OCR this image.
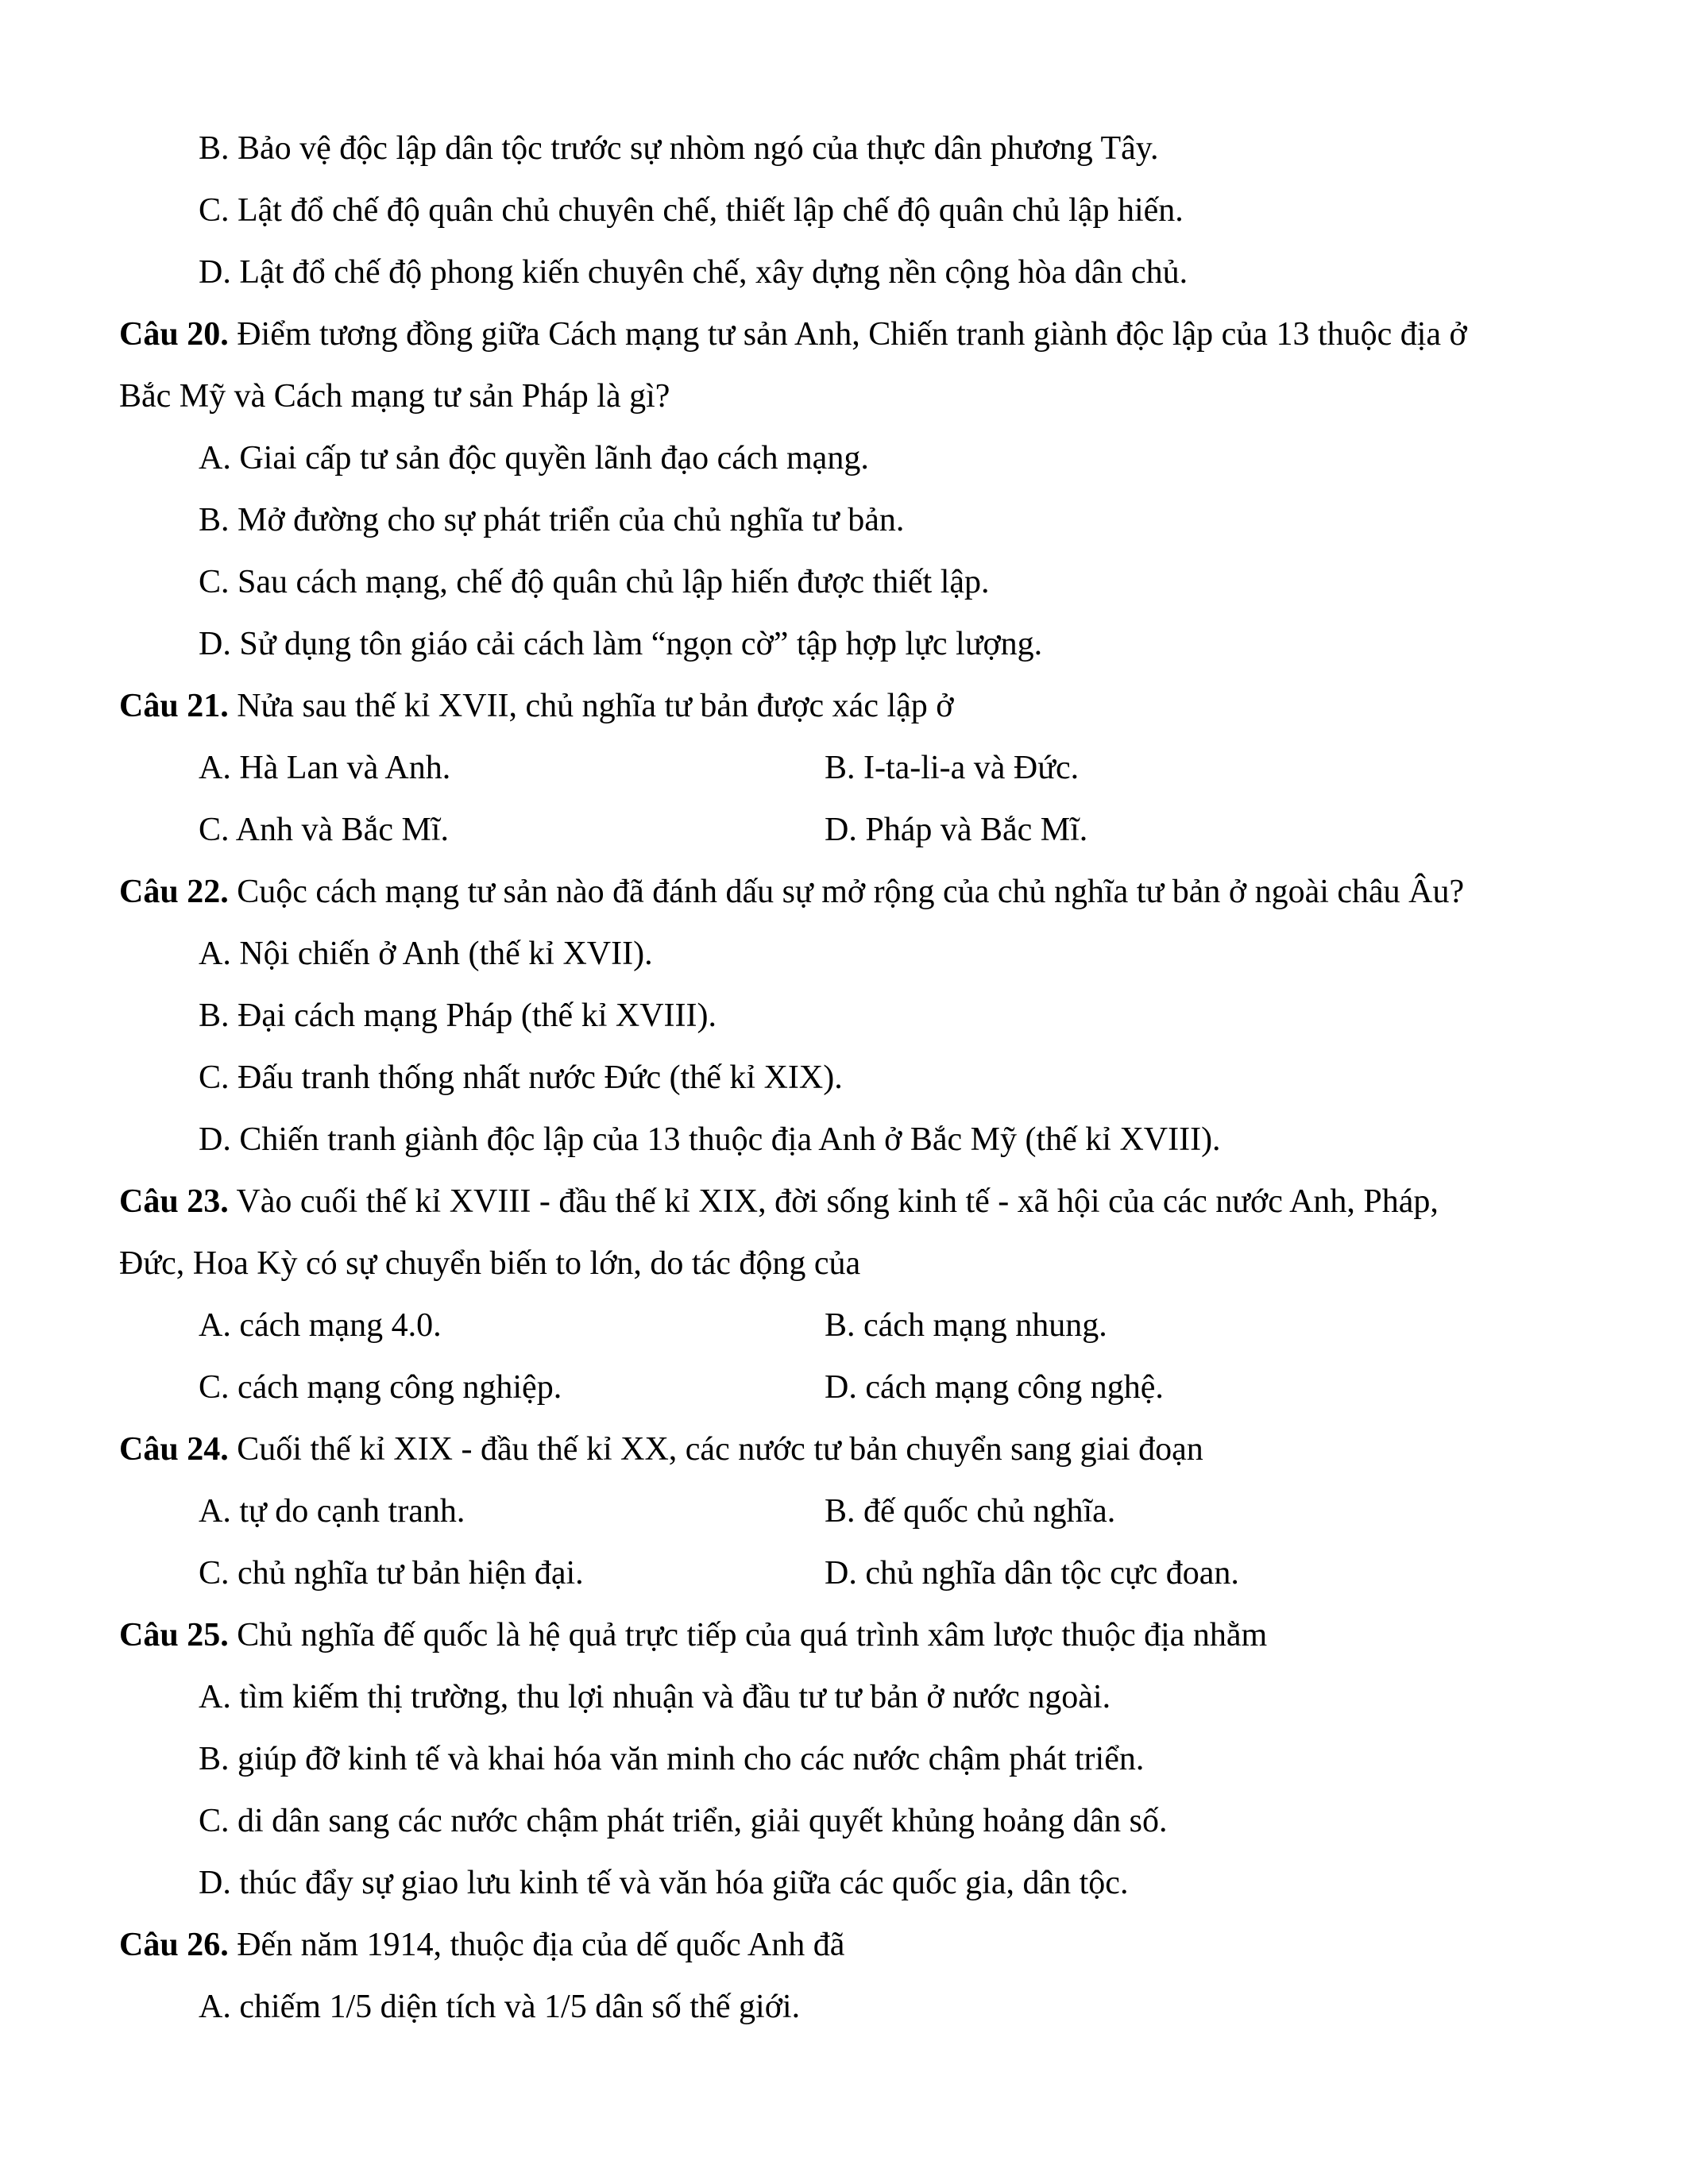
B. Bảo vệ độc lập dân tộc trước sự nhòm ngó của thực dân phương Tây.
C. Lật đổ chế độ quân chủ chuyên chế, thiết lập chế độ quân chủ lập hiến.
D. Lật đổ chế độ phong kiến chuyên chế, xây dựng nền cộng hòa dân chủ.
Câu 20. Điểm tương đồng giữa Cách mạng tư sản Anh, Chiến tranh giành độc lập của 13 thuộc địa ở
Bắc Mỹ và Cách mạng tư sản Pháp là gì?
A. Giai cấp tư sản độc quyền lãnh đạo cách mạng.
B. Mở đường cho sự phát triển của chủ nghĩa tư bản.
C. Sau cách mạng, chế độ quân chủ lập hiến được thiết lập.
D. Sử dụng tôn giáo cải cách làm “ngọn cờ” tập hợp lực lượng.
Câu 21. Nửa sau thế kỉ XVII, chủ nghĩa tư bản được xác lập ở
A. Hà Lan và Anh.	B. I-ta-li-a và Đức.
C. Anh và Bắc Mĩ.	D. Pháp và Bắc Mĩ.
Câu 22. Cuộc cách mạng tư sản nào đã đánh dấu sự mở rộng của chủ nghĩa tư bản ở ngoài châu Âu?
A. Nội chiến ở Anh (thế kỉ XVII).
B. Đại cách mạng Pháp (thế kỉ XVIII).
C. Đấu tranh thống nhất nước Đức (thế kỉ XIX).
D. Chiến tranh giành độc lập của 13 thuộc địa Anh ở Bắc Mỹ (thế kỉ XVIII).
Câu 23. Vào cuối thế kỉ XVIII - đầu thế kỉ XIX, đời sống kinh tế - xã hội của các nước Anh, Pháp,
Đức, Hoa Kỳ có sự chuyển biến to lớn, do tác động của
A. cách mạng 4.0.	B. cách mạng nhung.
C. cách mạng công nghiệp.	D. cách mạng công nghệ.
Câu 24. Cuối thế kỉ XIX - đầu thế kỉ XX, các nước tư bản chuyển sang giai đoạn
A. tự do cạnh tranh.	B. đế quốc chủ nghĩa.
C. chủ nghĩa tư bản hiện đại.	D. chủ nghĩa dân tộc cực đoan.
Câu 25. Chủ nghĩa đế quốc là hệ quả trực tiếp của quá trình xâm lược thuộc địa nhằm
A. tìm kiếm thị trường, thu lợi nhuận và đầu tư tư bản ở nước ngoài.
B. giúp đỡ kinh tế và khai hóa văn minh cho các nước chậm phát triển.
C. di dân sang các nước chậm phát triển, giải quyết khủng hoảng dân số.
D. thúc đẩy sự giao lưu kinh tế và văn hóa giữa các quốc gia, dân tộc.
Câu 26. Đến năm 1914, thuộc địa của dế quốc Anh đã
A. chiếm 1/5 diện tích và 1/5 dân số thế giới.
